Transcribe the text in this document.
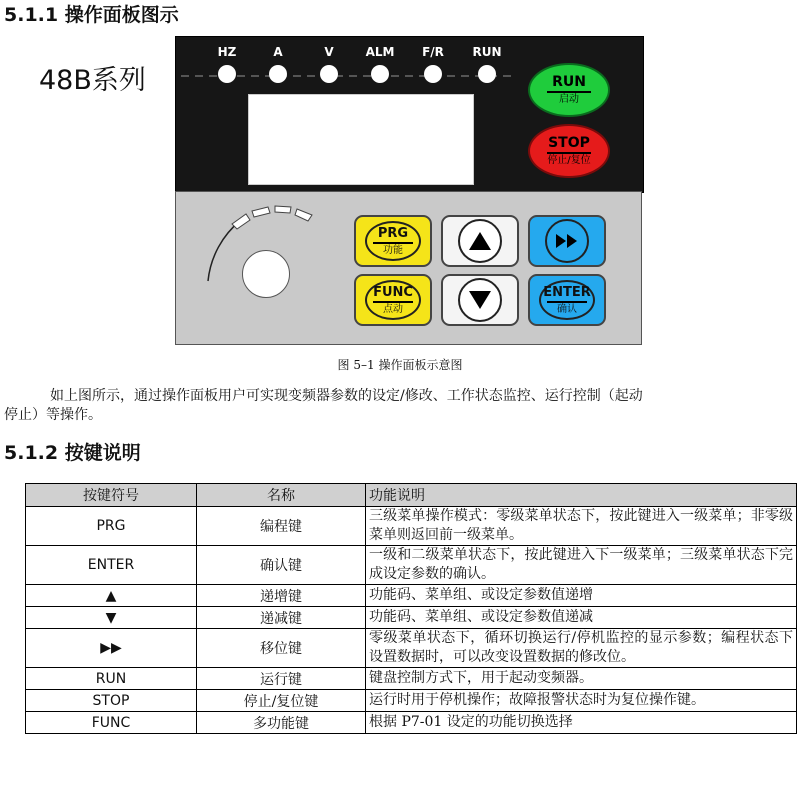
5.1.1 操作面板图示
48B系列
HZ	A	V	ALM	F/R	RUN
RUN
启动
STOP
停止/复位
PRG
功能
FUNC
点动
ENTER
确认
图 5–1 操作面板示意图
如上图所示，通过操作面板用户可实现变频器参数的设定/修改、工作状态监控、运行控制（起动
停止）等操作。
5.1.2 按键说明
按键符号	名称	功能说明
PRG	编程键	三级菜单操作模式：零级菜单状态下，按此键进入一级菜单；非零级菜单则返回前一级菜单。
ENTER	确认键	一级和二级菜单状态下，按此键进入下一级菜单；三级菜单状态下完成设定参数的确认。
▲	递增键	功能码、菜单组、或设定参数值递增
▼	递减键	功能码、菜单组、或设定参数值递减
▶▶	移位键	零级菜单状态下，循环切换运行/停机监控的显示参数；编程状态下设置数据时，可以改变设置数据的修改位。
RUN	运行键	键盘控制方式下，用于起动变频器。
STOP	停止/复位键	运行时用于停机操作；故障报警状态时为复位操作键。
FUNC	多功能键	根据 P7-01 设定的功能切换选择
